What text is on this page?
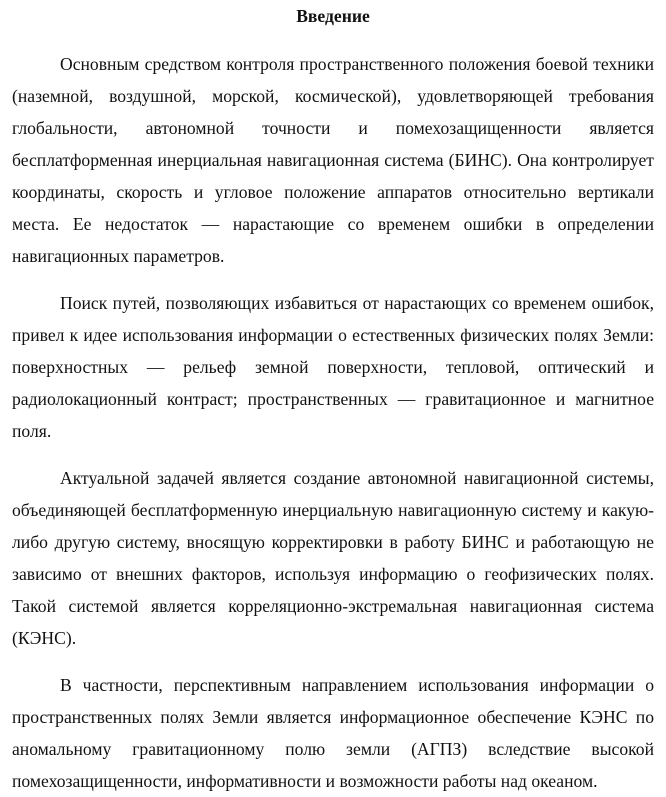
Введение

Основным средством контроля пространственного положения боевой техники (наземной, воздушной, морской, космической), удовлетворяющей требования глобальности, автономной точности и помехозащищенности является бесплатформенная инерциальная навигационная система (БИНС). Она контролирует координаты, скорость и угловое положение аппаратов относительно вертикали места. Ее недостаток — нарастающие со временем ошибки в определении навигационных параметров.

Поиск путей, позволяющих избавиться от нарастающих со временем ошибок, привел к идее использования информации о естественных физических полях Земли: поверхностных — рельеф земной поверхности, тепловой, оптический и радиолокационный контраст; пространственных — гравитационное и магнитное поля.

Актуальной задачей является создание автономной навигационной системы, объединяющей бесплатформенную инерциальную навигационную систему и какую-либо другую систему, вносящую корректировки в работу БИНС и работающую не зависимо от внешних факторов, используя информацию о геофизических полях. Такой системой является корреляционно-экстремальная навигационная система (КЭНС).

В частности, перспективным направлением использования информации о пространственных полях Земли является информационное обеспечение КЭНС по аномальному гравитационному полю земли (АГПЗ) вследствие высокой помехозащищенности, информативности и возможности работы над океаном.
